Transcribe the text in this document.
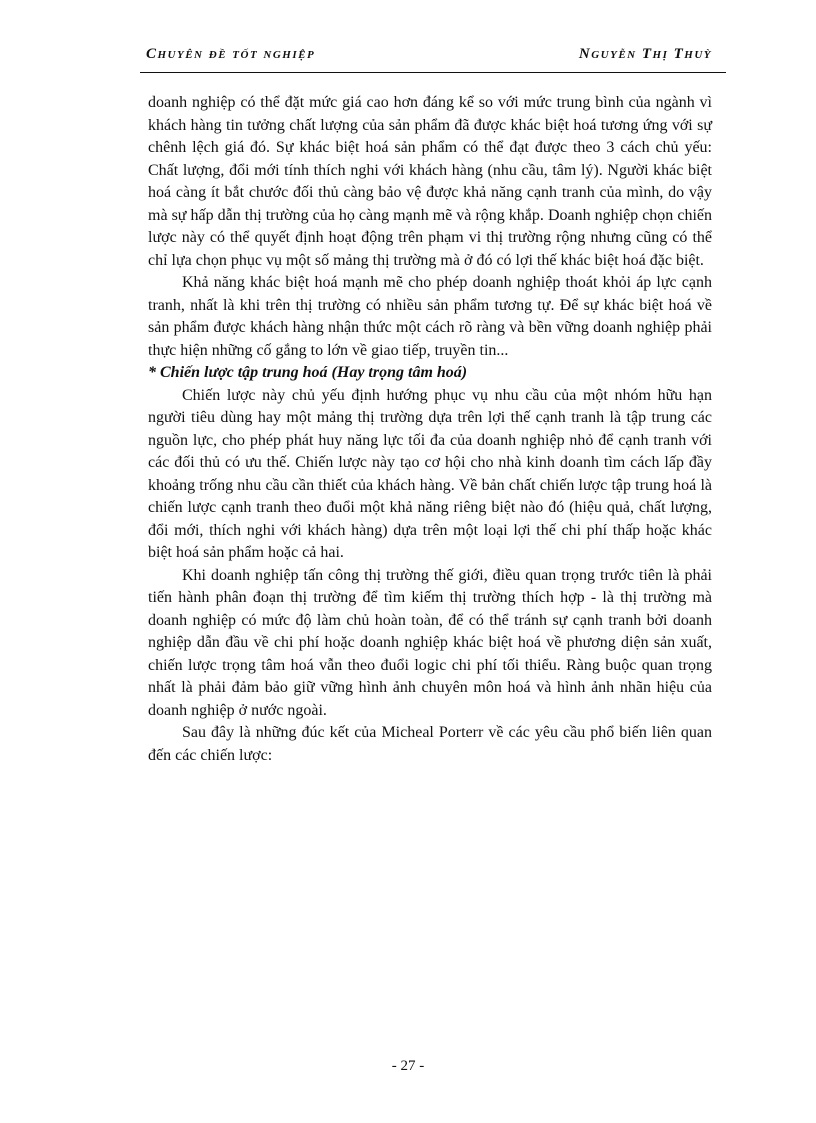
Chuyên đề tốt nghiệp	Nguyễn Thị Thuỳ

doanh nghiệp có thể đặt mức giá cao hơn đáng kể so với mức trung bình của ngành vì khách hàng tin tưởng chất lượng của sản phẩm đã được khác biệt hoá tương ứng với sự chênh lệch giá đó. Sự khác biệt hoá sản phẩm có thể đạt được theo 3 cách chủ yếu: Chất lượng, đổi mới tính thích nghi với khách hàng (nhu cầu, tâm lý). Người khác biệt hoá càng ít bắt chước đối thủ càng bảo vệ được khả năng cạnh tranh của mình, do vậy mà sự hấp dẫn thị trường của họ càng mạnh mẽ và rộng khắp. Doanh nghiệp chọn chiến lược này có thể quyết định hoạt động trên phạm vi thị trường rộng nhưng cũng có thể chỉ lựa chọn phục vụ một số mảng thị trường mà ở đó có lợi thế khác biệt hoá đặc biệt.

Khả năng khác biệt hoá mạnh mẽ cho phép doanh nghiệp thoát khỏi áp lực cạnh tranh, nhất là khi trên thị trường có nhiều sản phẩm tương tự. Để sự khác biệt hoá về sản phẩm được khách hàng nhận thức một cách rõ ràng và bền vững doanh nghiệp phải thực hiện những cố gắng to lớn về giao tiếp, truyền tin...

* Chiến lược tập trung hoá (Hay trọng tâm hoá)

Chiến lược này chủ yếu định hướng phục vụ nhu cầu của một nhóm hữu hạn người tiêu dùng hay một mảng thị trường dựa trên lợi thế cạnh tranh là tập trung các nguồn lực, cho phép phát huy năng lực tối đa của doanh nghiệp nhỏ để cạnh tranh với các đối thủ có ưu thế. Chiến lược này tạo cơ hội cho nhà kinh doanh tìm cách lấp đầy khoảng trống nhu cầu cần thiết của khách hàng. Về bản chất chiến lược tập trung hoá là chiến lược cạnh tranh theo đuổi một khả năng riêng biệt nào đó (hiệu quả, chất lượng, đổi mới, thích nghi với khách hàng) dựa trên một loại lợi thế chi phí thấp hoặc khác biệt hoá sản phẩm hoặc cả hai.

Khi doanh nghiệp tấn công thị trường thế giới, điều quan trọng trước tiên là phải tiến hành phân đoạn thị trường để tìm kiếm thị trường thích hợp - là thị trường mà doanh nghiệp có mức độ làm chủ hoàn toàn, để có thể tránh sự cạnh tranh bởi doanh nghiệp dẫn đầu về chi phí hoặc doanh nghiệp khác biệt hoá về phương diện sản xuất, chiến lược trọng tâm hoá vẫn theo đuổi logic chi phí tối thiểu. Ràng buộc quan trọng nhất là phải đảm bảo giữ vững hình ảnh chuyên môn hoá và hình ảnh nhãn hiệu của doanh nghiệp ở nước ngoài.

Sau đây là những đúc kết của Micheal Porterr về các yêu cầu phổ biến liên quan đến các chiến lược:

- 27 -
